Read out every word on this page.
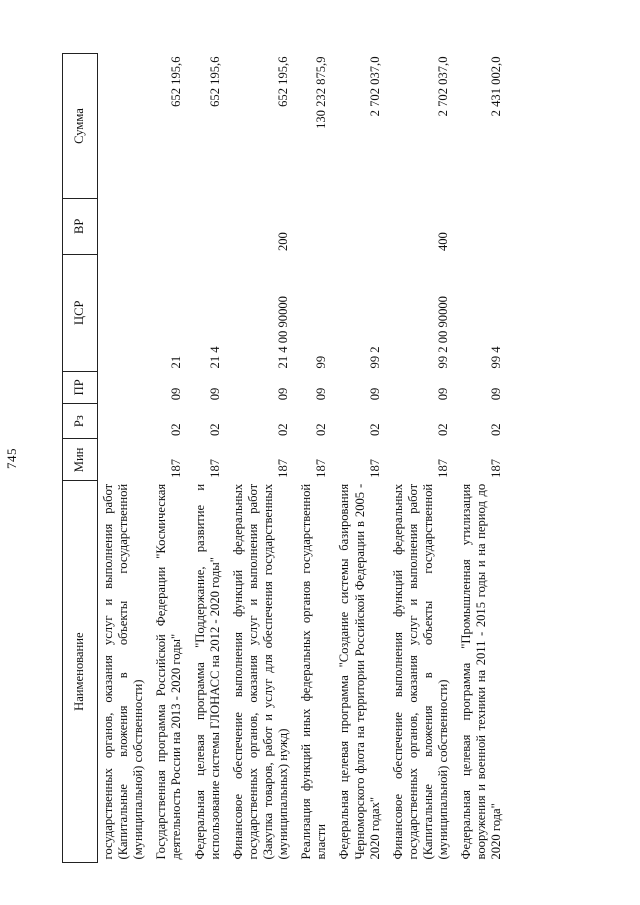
745
Наименование	Мин	Рз	ПР	ЦСР	ВР	Сумма
государственных органов, оказания услуг и выполнения работ (Капитальные вложения в объекты государственной (муниципальной) собственности)						
Государственная программа Российской Федерации "Космическая деятельность России на 2013 - 2020 годы"	187	02	09	21		652 195,6
Федеральная целевая программа "Поддержание, развитие и использование системы ГЛОНАСС на 2012 - 2020 годы"	187	02	09	21 4		652 195,6
Финансовое обеспечение выполнения функций федеральных государственных органов, оказания услуг и выполнения работ (Закупка товаров, работ и услуг для обеспечения государственных (муниципальных) нужд)	187	02	09	21 4 00 90000	200	652 195,6
Реализация функций иных федеральных органов государственной власти	187	02	09	99		130 232 875,9
Федеральная целевая программа "Создание системы базирования Черноморского флота на территории Российской Федерации в 2005 - 2020 годах"	187	02	09	99 2		2 702 037,0
Финансовое обеспечение выполнения функций федеральных государственных органов, оказания услуг и выполнения работ (Капитальные вложения в объекты государственной (муниципальной) собственности)	187	02	09	99 2 00 90000	400	2 702 037,0
Федеральная целевая программа "Промышленная утилизация вооружения и военной техники на 2011 - 2015 годы и на период до 2020 года"	187	02	09	99 4		2 431 002,0
